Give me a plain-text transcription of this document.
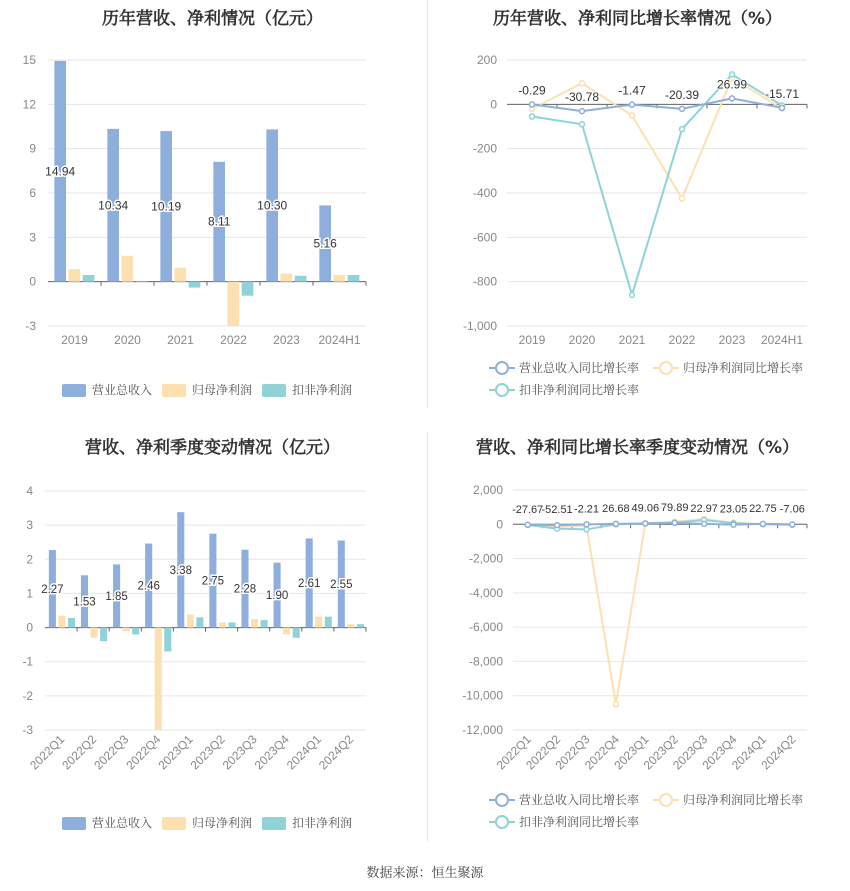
历年营收、净利情况（亿元）
15
12
9
6
3
0
-3
2019 2020 2021 2022 2023 2024H1
14.94
10.34 10.19
8.11
10.30
5.16
营业总收入	归母净利润	扣非净利润
历年营收、净利同比增长率情况（%）
200
0
-200
-400
-600
-800
-1,000
2019 2020 2021 2022 2023 2024H1
-0.29 -30.78 -1.47 -20.39
26.99
-15.71
营业总收入同比增长率	归母净利润同比增长率
扣非净利润同比增长率
营收、净利季度变动情况（亿元）
4
3
2
1
0
-1
-2
-3
2022Q1
2022Q2
2022Q3
2022Q4
2023Q1
2023Q2
2023Q3
2023Q4
2024Q1
2024Q2
2.27
1.53 1.85
2.46
3.38
2.75
2.28
1.90
2.61 2.55
营业总收入	归母净利润	扣非净利润
营收、净利同比增长率季度变动情况（%）
2,000
0
-2,000
-4,000
-6,000
-8,000
-10,000
-12,000
2022Q1
2022Q2
2022Q3
2022Q4
2023Q1
2023Q2
2023Q3
2023Q4
2024Q1
2024Q2
-27.67
-52.51 -2.21 26.68 49.06 79.89 22.97 23.05 22.75 -7.06
营业总收入同比增长率	归母净利润同比增长率
扣非净利润同比增长率
数据来源：恒生聚源
